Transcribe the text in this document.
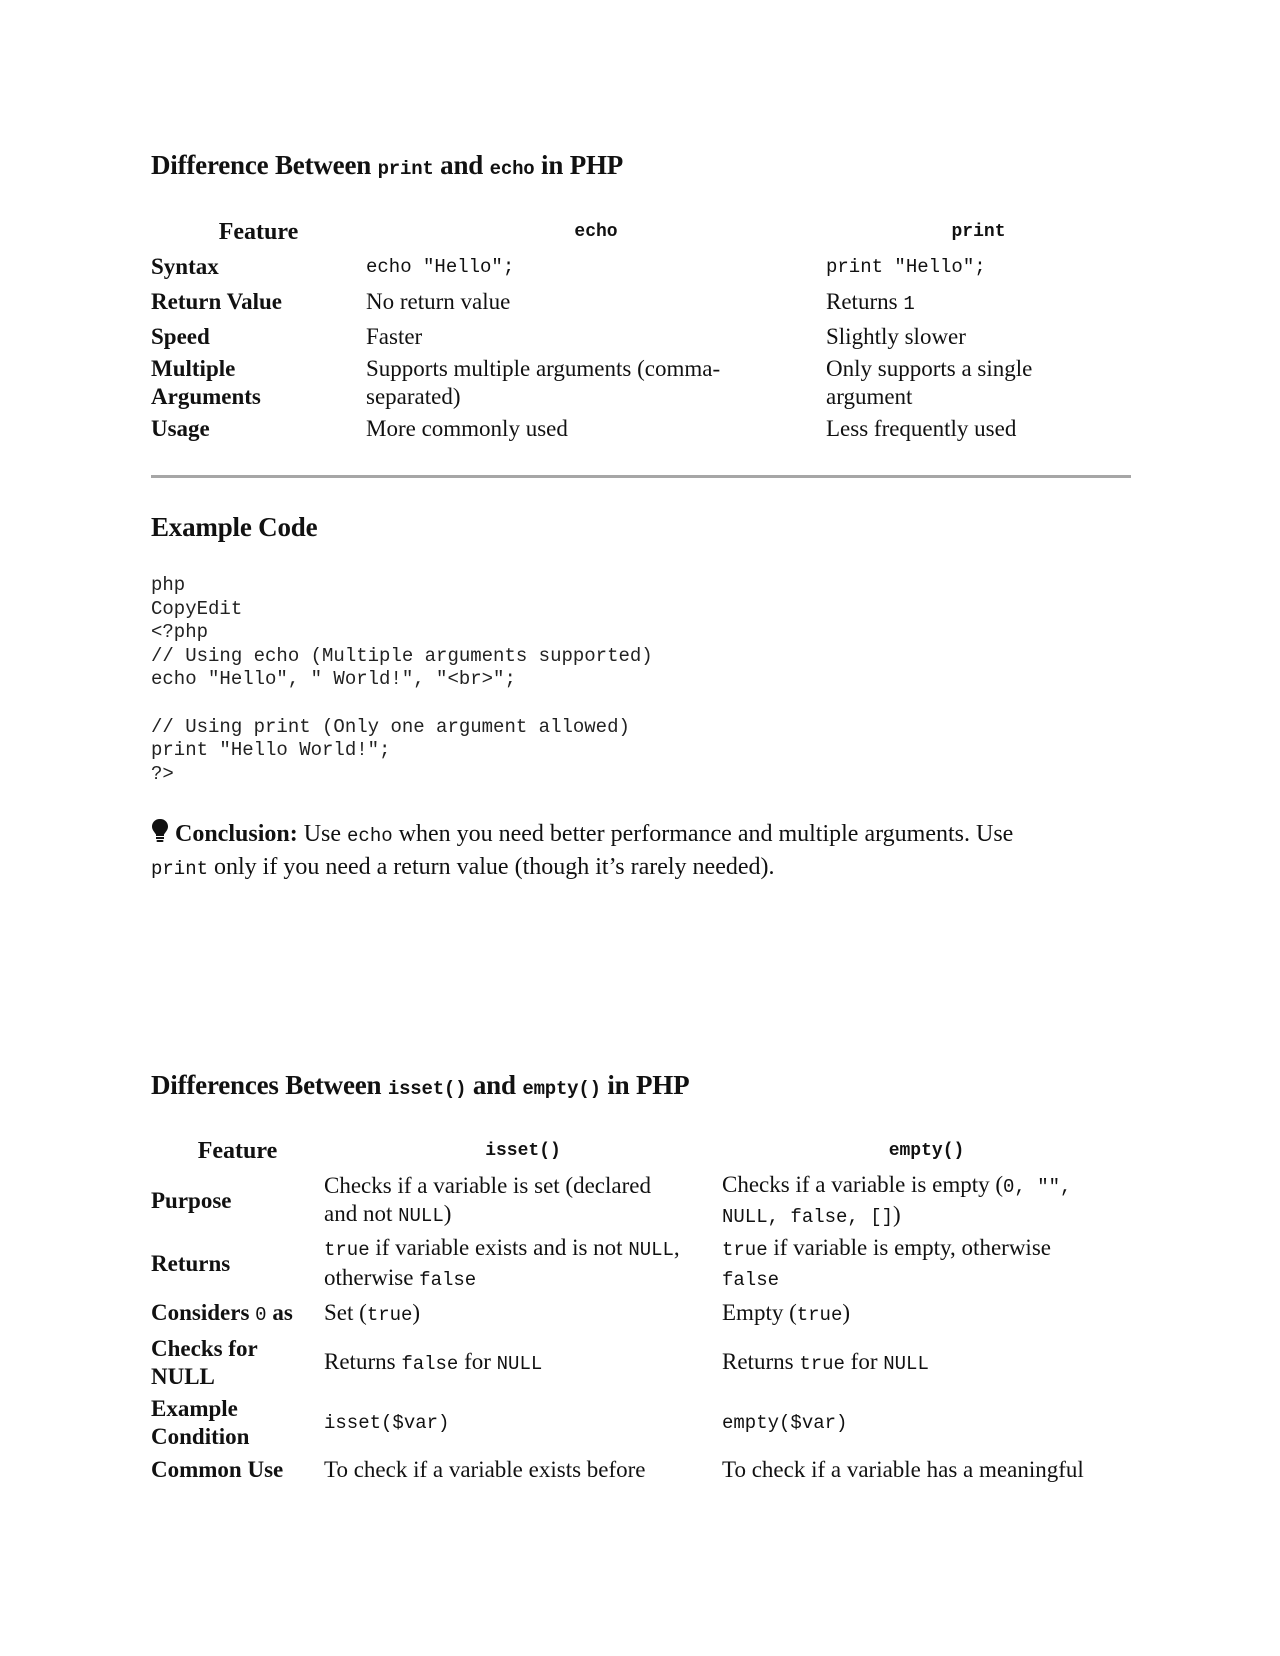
Difference Between print and echo in PHP
Feature	echo	print
Syntax	echo "Hello";	print "Hello";
Return Value	No return value	Returns 1
Speed	Faster	Slightly slower
Multiple
Arguments	Supports multiple arguments (comma-
separated)	Only supports a single
argument
Usage	More commonly used	Less frequently used
Example Code
php
CopyEdit
<?php
// Using echo (Multiple arguments supported)
echo "Hello", " World!", "<br>";

// Using print (Only one argument allowed)
print "Hello World!";
?>
Conclusion: Use echo when you need better performance and multiple arguments. Use
print only if you need a return value (though it’s rarely needed).
Differences Between isset() and empty() in PHP
Feature	isset()	empty()
Purpose	Checks if a variable is set (declared
and not NULL)	Checks if a variable is empty (0, "",
NULL, false, [])
Returns	true if variable exists and is not NULL,
otherwise false	true if variable is empty, otherwise
false
Considers 0 as	Set (true)	Empty (true)
Checks for
NULL	Returns false for NULL	Returns true for NULL
Example
Condition	isset($var)	empty($var)
Common Use	To check if a variable exists before	To check if a variable has a meaningful
